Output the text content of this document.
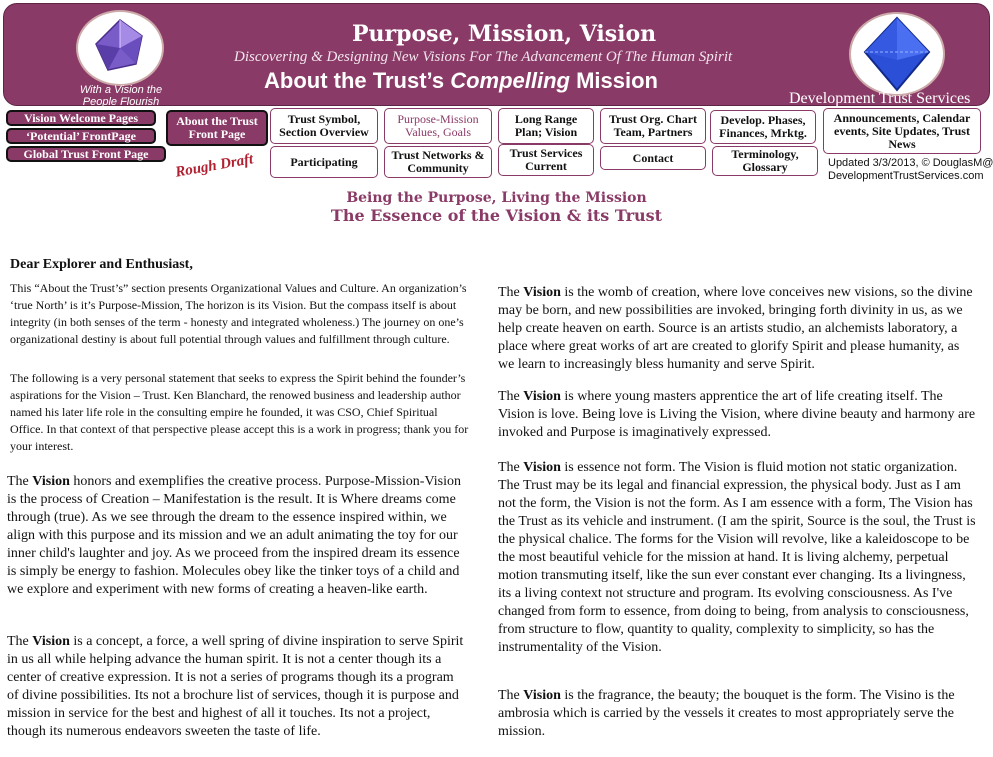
With a Vision the People Flourish
Purpose, Mission, Vision
Discovering & Designing New Visions For The Advancement Of The Human Spirit
About the Trust’s Compelling Mission
Development Trust Services
Vision Welcome Pages
‘Potential’ FrontPage
Global Trust Front Page
About the Trust Front Page
Rough Draft
Trust Symbol, Section Overview
Purpose-Mission Values, Goals
Long Range Plan; Vision
Trust Org. Chart Team, Partners
Develop. Phases, Finances, Mrktg.
Announcements, Calendar events, Site Updates, Trust News
Participating	Trust Networks & Community
Trust Services Current
Contact	Terminology, Glossary	Updated 3/3/2013, © DouglasM@
DevelopmentTrustServices.com
Being the Purpose, Living the Mission
The Essence of the Vision & its Trust
Dear Explorer and Enthusiast,

This “About the Trust’s” section presents Organizational Values and Culture. An organization’s ‘true North’ is it’s Purpose-Mission, The horizon is its Vision. But the compass itself is about integrity (in both senses of the term - honesty and integrated wholeness.) The journey on one’s organizational destiny is about full potential through values and fulfillment through culture.

The following is a very personal statement that seeks to express the Spirit behind the founder’s aspirations for the Vision – Trust. Ken Blanchard, the renowed business and leadership author named his later life role in the consulting empire he founded, it was CSO, Chief Spiritual Office. In that context of that perspective please accept this is a work in progress; thank you for your interest.

The Vision honors and exemplifies the creative process. Purpose-Mission-Vision is the process of Creation – Manifestation is the result. It is Where dreams come through (true). As we see through the dream to the essence inspired within, we align with this purpose and its mission and we an adult animating the toy for our inner child's laughter and joy. As we proceed from the inspired dream its essence is simply be energy to fashion. Molecules obey like the tinker toys of a child and we explore and experiment with new forms of creating a heaven-like earth.

The Vision is a concept, a force, a well spring of divine inspiration to serve Spirit in us all while helping advance the human spirit. It is not a center though its a center of creative expression. It is not a series of programs though its a program of divine possibilities. Its not a brochure list of services, though it is purpose and mission in service for the best and highest of all it touches. Its not a project, though its numerous endeavors sweeten the taste of life.

The Vision is the womb of creation, where love conceives new visions, so the divine may be born, and new possibilities are invoked, bringing forth divinity in us, as we help create heaven on earth. Source is an artists studio, an alchemists laboratory, a place where great works of art are created to glorify Spirit and please humanity, as we learn to increasingly bless humanity and serve Spirit.

The Vision is where young masters apprentice the art of life creating itself. The Vision is love. Being love is Living the Vision, where divine beauty and harmony are invoked and Purpose is imaginatively expressed.

The Vision is essence not form. The Vision is fluid motion not static organization. The Trust may be its legal and financial expression, the physical body. Just as I am not the form, the Vision is not the form. As I am essence with a form, The Vision has the Trust as its vehicle and instrument. (I am the spirit, Source is the soul, the Trust is the physical chalice. The forms for the Vision will revolve, like a kaleidoscope to be the most beautiful vehicle for the mission at hand. It is living alchemy, perpetual motion transmuting itself, like the sun ever constant ever changing. Its a livingness, its a living context not structure and program. Its evolving consciousness. As I've changed from form to essence, from doing to being, from analysis to consciousness, from structure to flow, quantity to quality, complexity to simplicity, so has the instrumentality of the Vision.

The Vision is the fragrance, the beauty; the bouquet is the form. The Visino is the ambrosia which is carried by the vessels it creates to most appropriately serve the mission.
